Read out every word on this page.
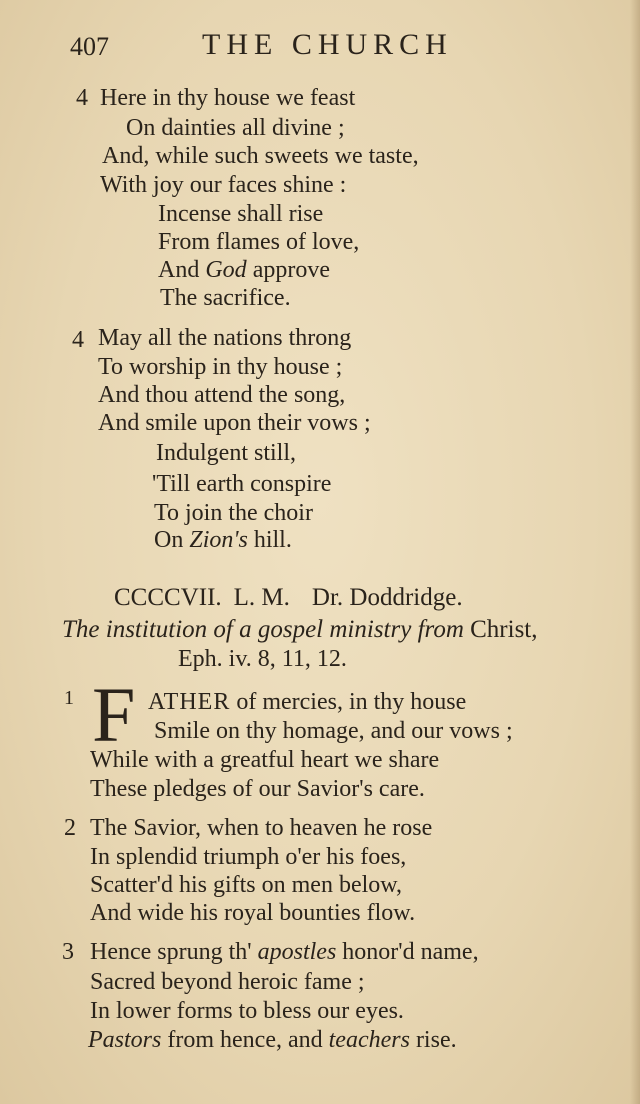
407	THE CHURCH
4 Here in thy house we feast
On dainties all divine ;
And, while such sweets we taste,
With joy our faces shine :
Incense shall rise
From flames of love,
And God approve
The sacrifice.
4 May all the nations throng
To worship in thy house ;
And thou attend the song,
And smile upon their vows ;
Indulgent still,
'Till earth conspire
To join the choir
On Zion's hill.
CCCCVII. L. M. Dr. Doddridge.
The institution of a gospel ministry from Christ,
Eph. iv. 8, 11, 12.
1 F ATHER of mercies, in thy house
Smile on thy homage, and our vows ;
While with a greatful heart we share
These pledges of our Savior's care.
2 The Savior, when to heaven he rose
In splendid triumph o'er his foes,
Scatter'd his gifts on men below,
And wide his royal bounties flow.
3 Hence sprung th' apostles honor'd name,
Sacred beyond heroic fame ;
In lower forms to bless our eyes.
Pastors from hence, and teachers rise.
